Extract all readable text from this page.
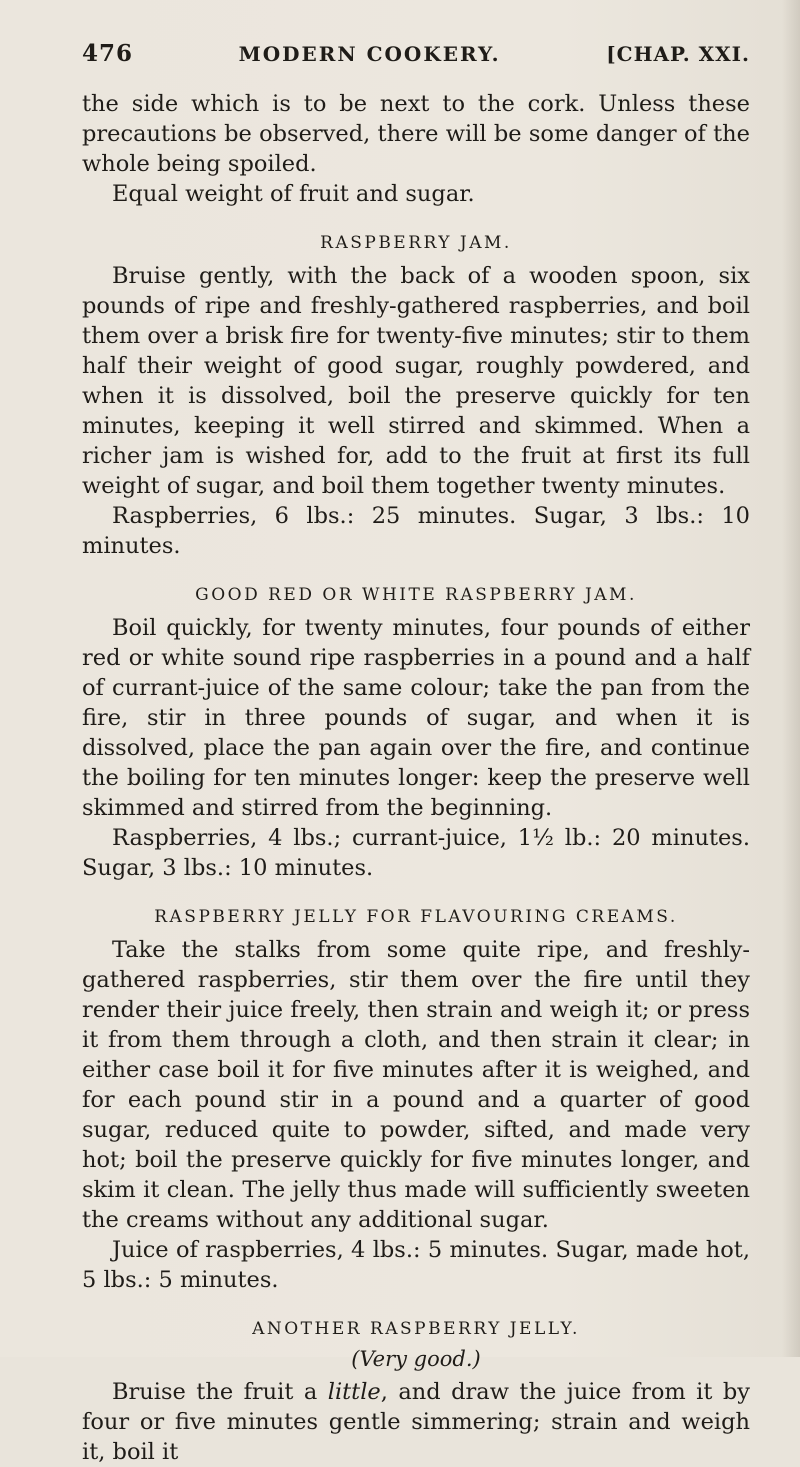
476	MODERN COOKERY.	[CHAP. XXI.

the side which is to be next to the cork. Unless these precautions be observed, there will be some danger of the whole being spoiled.

Equal weight of fruit and sugar.

RASPBERRY JAM.

Bruise gently, with the back of a wooden spoon, six pounds of ripe and freshly-gathered raspberries, and boil them over a brisk fire for twenty-five minutes; stir to them half their weight of good sugar, roughly powdered, and when it is dissolved, boil the preserve quickly for ten minutes, keeping it well stirred and skimmed. When a richer jam is wished for, add to the fruit at first its full weight of sugar, and boil them together twenty minutes.

Raspberries, 6 lbs.: 25 minutes. Sugar, 3 lbs.: 10 minutes.

GOOD RED OR WHITE RASPBERRY JAM.

Boil quickly, for twenty minutes, four pounds of either red or white sound ripe raspberries in a pound and a half of currant-juice of the same colour; take the pan from the fire, stir in three pounds of sugar, and when it is dissolved, place the pan again over the fire, and continue the boiling for ten minutes longer: keep the preserve well skimmed and stirred from the beginning.

Raspberries, 4 lbs.; currant-juice, 1½ lb.: 20 minutes. Sugar, 3 lbs.: 10 minutes.

RASPBERRY JELLY FOR FLAVOURING CREAMS.

Take the stalks from some quite ripe, and freshly-gathered raspberries, stir them over the fire until they render their juice freely, then strain and weigh it; or press it from them through a cloth, and then strain it clear; in either case boil it for five minutes after it is weighed, and for each pound stir in a pound and a quarter of good sugar, reduced quite to powder, sifted, and made very hot; boil the preserve quickly for five minutes longer, and skim it clean. The jelly thus made will sufficiently sweeten the creams without any additional sugar.

Juice of raspberries, 4 lbs.: 5 minutes. Sugar, made hot, 5 lbs.: 5 minutes.

ANOTHER RASPBERRY JELLY.
(Very good.)

Bruise the fruit a little, and draw the juice from it by four or five minutes gentle simmering; strain and weigh it, boil it
